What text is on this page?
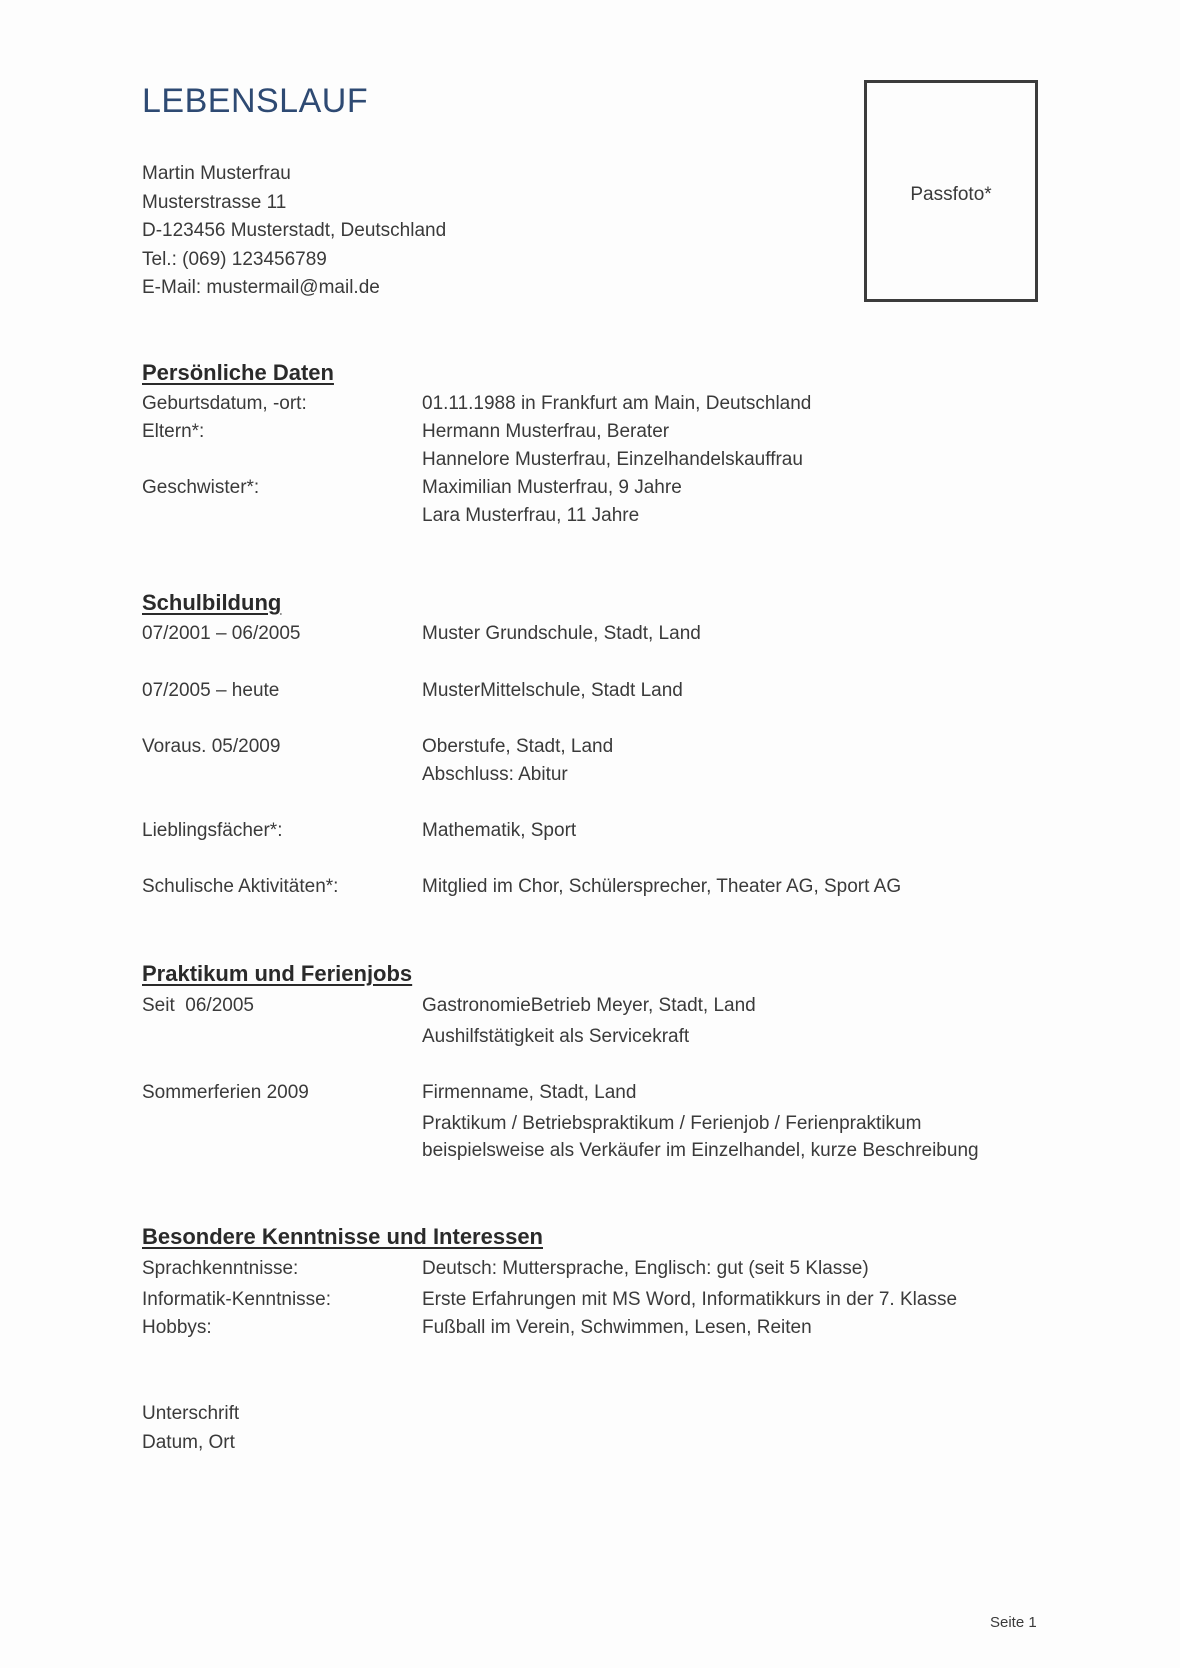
LEBENSLAUF
Martin Musterfrau
Musterstrasse 11
D-123456 Musterstadt, Deutschland
Tel.: (069) 123456789
E-Mail: mustermail@mail.de
Passfoto*
Persönliche Daten
Geburtsdatum, -ort:	01.11.1988 in Frankfurt am Main, Deutschland
Eltern*:	Hermann Musterfrau, Berater
Hannelore Musterfrau, Einzelhandelskauffrau
Geschwister*:	Maximilian Musterfrau, 9 Jahre
Lara Musterfrau, 11 Jahre
Schulbildung
07/2001 – 06/2005	Muster Grundschule, Stadt, Land
07/2005 – heute	MusterMittelschule, Stadt Land
Voraus. 05/2009	Oberstufe, Stadt, Land
Abschluss: Abitur
Lieblingsfächer*:	Mathematik, Sport
Schulische Aktivitäten*:	Mitglied im Chor, Schülersprecher, Theater AG, Sport AG
Praktikum und Ferienjobs
Seit  06/2005	GastronomieBetrieb Meyer, Stadt, Land
Aushilfstätigkeit als Servicekraft
Sommerferien 2009	Firmenname, Stadt, Land
Praktikum / Betriebspraktikum / Ferienjob / Ferienpraktikum
beispielsweise als Verkäufer im Einzelhandel, kurze Beschreibung
Besondere Kenntnisse und Interessen
Sprachkenntnisse:	Deutsch: Muttersprache, Englisch: gut (seit 5 Klasse)
Informatik-Kenntnisse:	Erste Erfahrungen mit MS Word, Informatikkurs in der 7. Klasse
Hobbys:	Fußball im Verein, Schwimmen, Lesen, Reiten
Unterschrift
Datum, Ort
Seite 1
